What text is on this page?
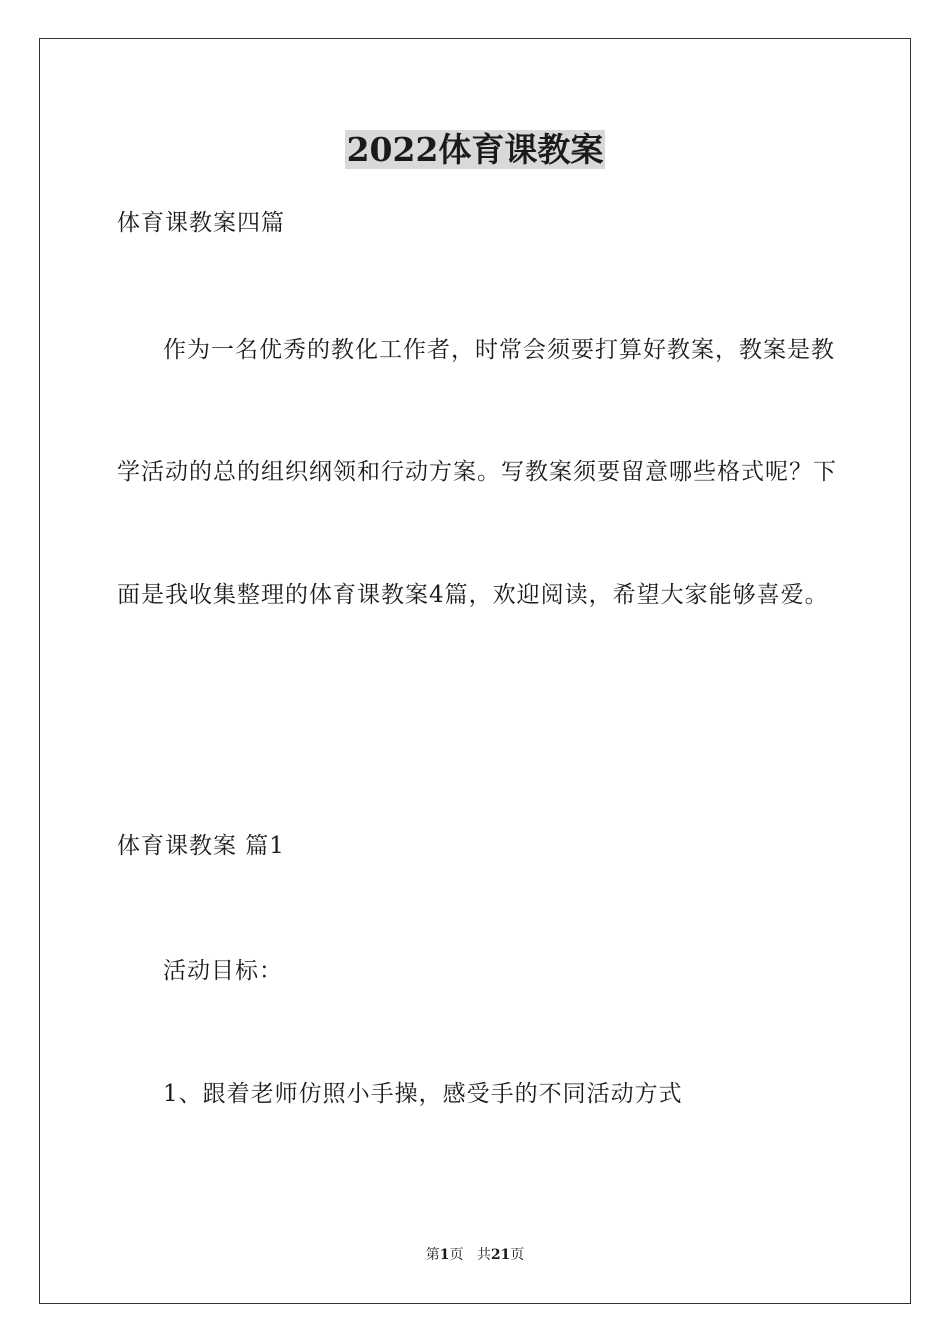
2022体育课教案
体育课教案四篇
作为一名优秀的教化工作者，时常会须要打算好教案，教案是教
学活动的总的组织纲领和行动方案。写教案须要留意哪些格式呢？下
面是我收集整理的体育课教案4篇，欢迎阅读，希望大家能够喜爱。
体育课教案 篇1
活动目标：
1、跟着老师仿照小手操，感受手的不同活动方式
第1页 共21页
